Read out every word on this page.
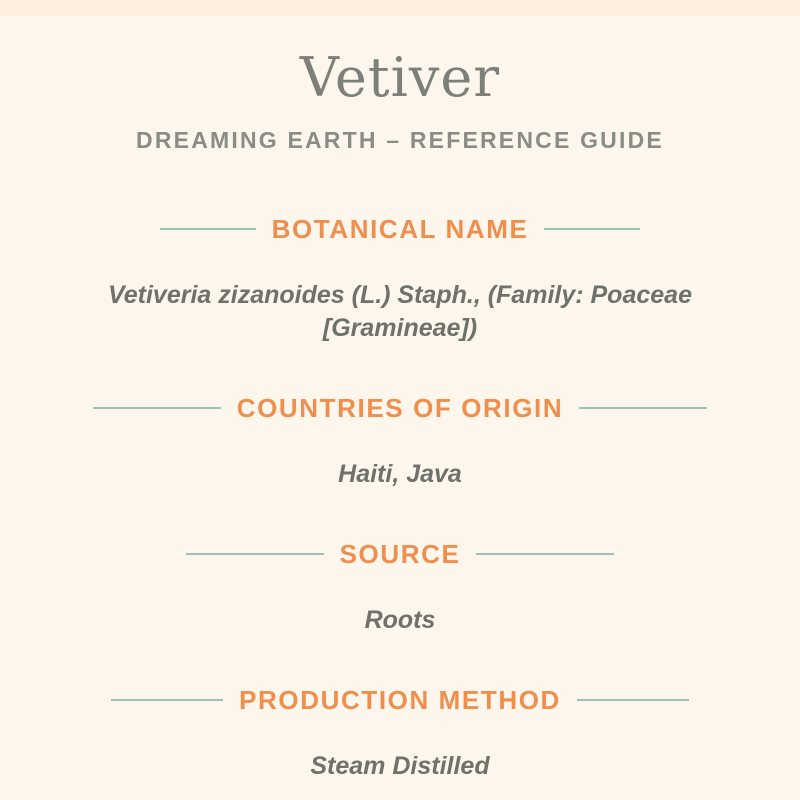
Vetiver
DREAMING EARTH – REFERENCE GUIDE
BOTANICAL NAME
Vetiveria zizanoides (L.) Staph., (Family: Poaceae [Gramineae])
COUNTRIES OF ORIGIN
Haiti, Java
SOURCE
Roots
PRODUCTION METHOD
Steam Distilled
